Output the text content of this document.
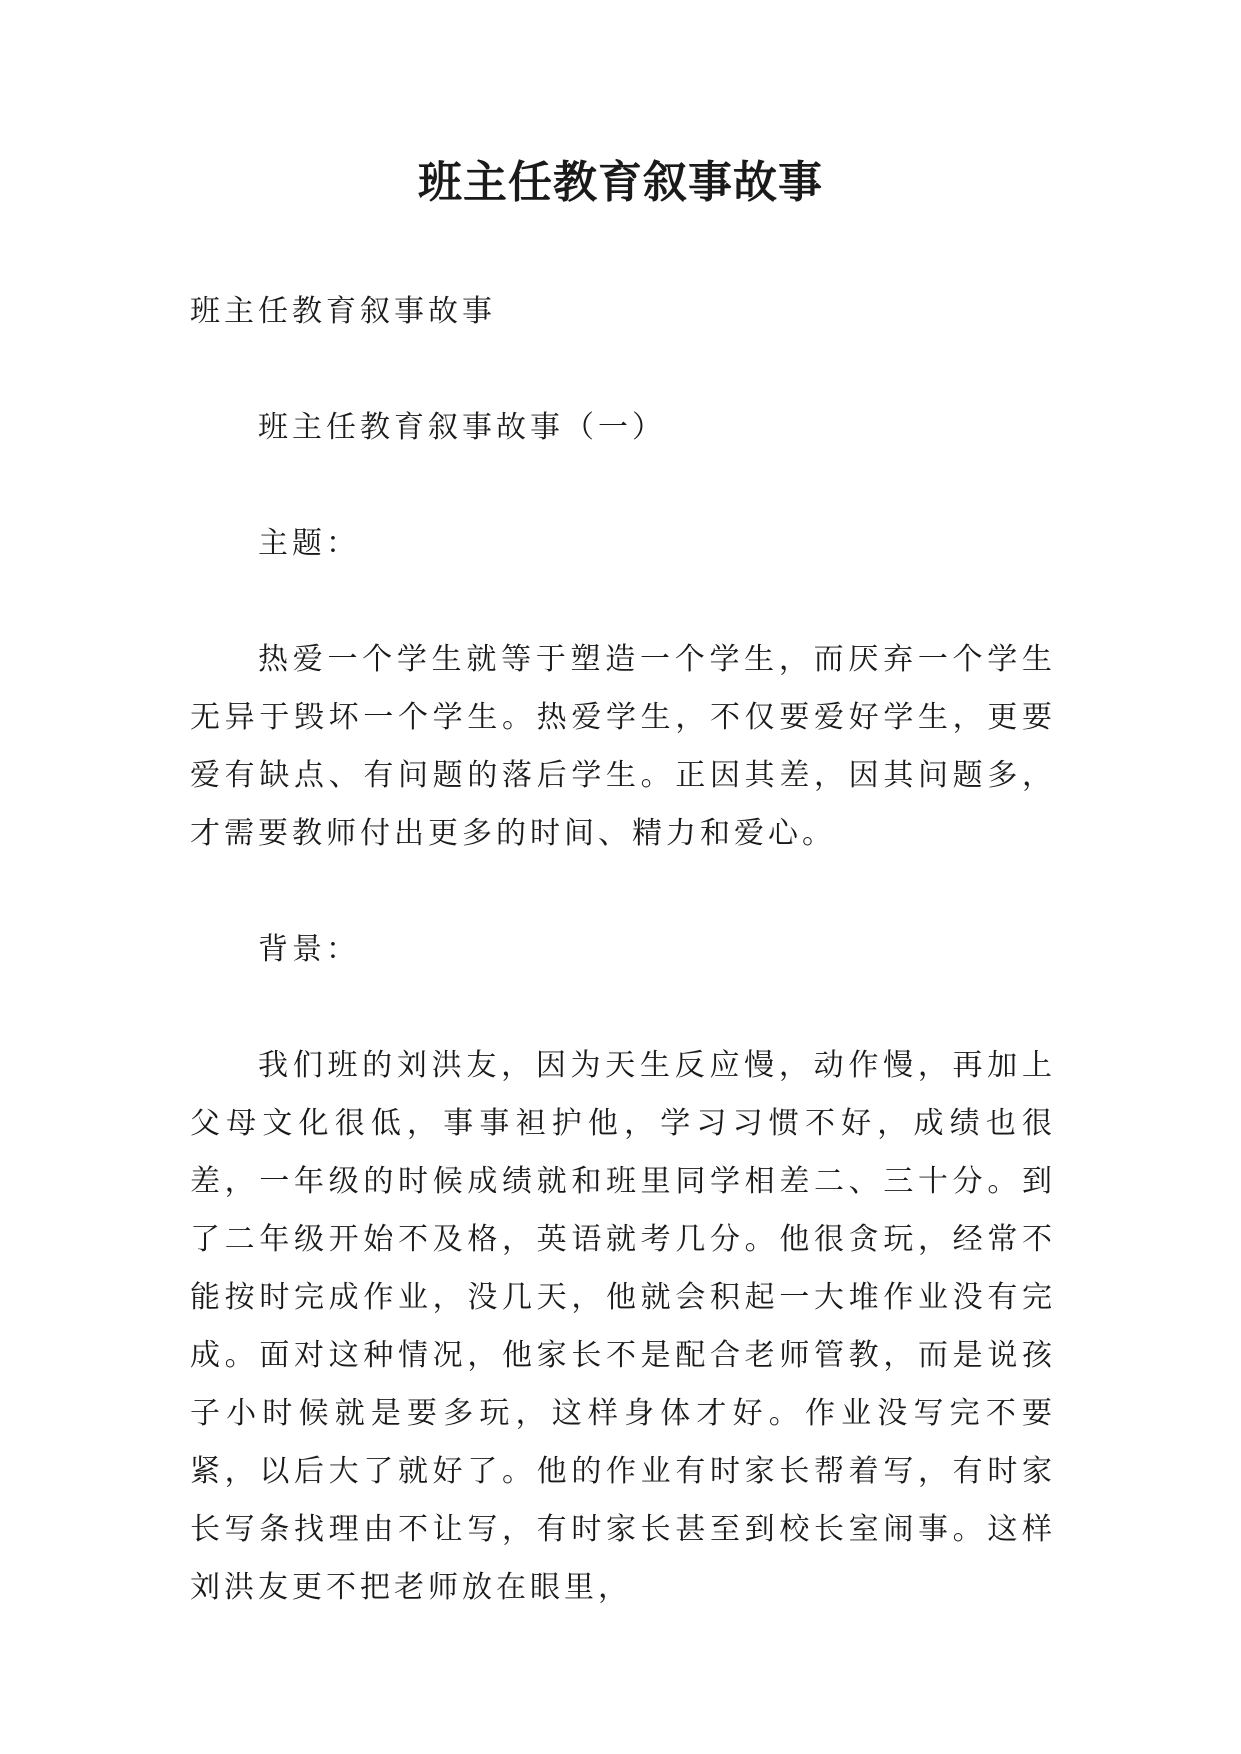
班主任教育叙事故事

班主任教育叙事故事

班主任教育叙事故事（一）

主题：

热爱一个学生就等于塑造一个学生，而厌弃一个学生无异于毁坏一个学生。热爱学生，不仅要爱好学生，更要爱有缺点、有问题的落后学生。正因其差，因其问题多，才需要教师付出更多的时间、精力和爱心。

背景：

我们班的刘洪友，因为天生反应慢，动作慢，再加上父母文化很低，事事袒护他，学习习惯不好，成绩也很差，一年级的时候成绩就和班里同学相差二、三十分。到了二年级开始不及格，英语就考几分。他很贪玩，经常不能按时完成作业，没几天，他就会积起一大堆作业没有完成。面对这种情况，他家长不是配合老师管教，而是说孩子小时候就是要多玩，这样身体才好。作业没写完不要紧，以后大了就好了。他的作业有时家长帮着写，有时家长写条找理由不让写，有时家长甚至到校长室闹事。这样刘洪友更不把老师放在眼里，
